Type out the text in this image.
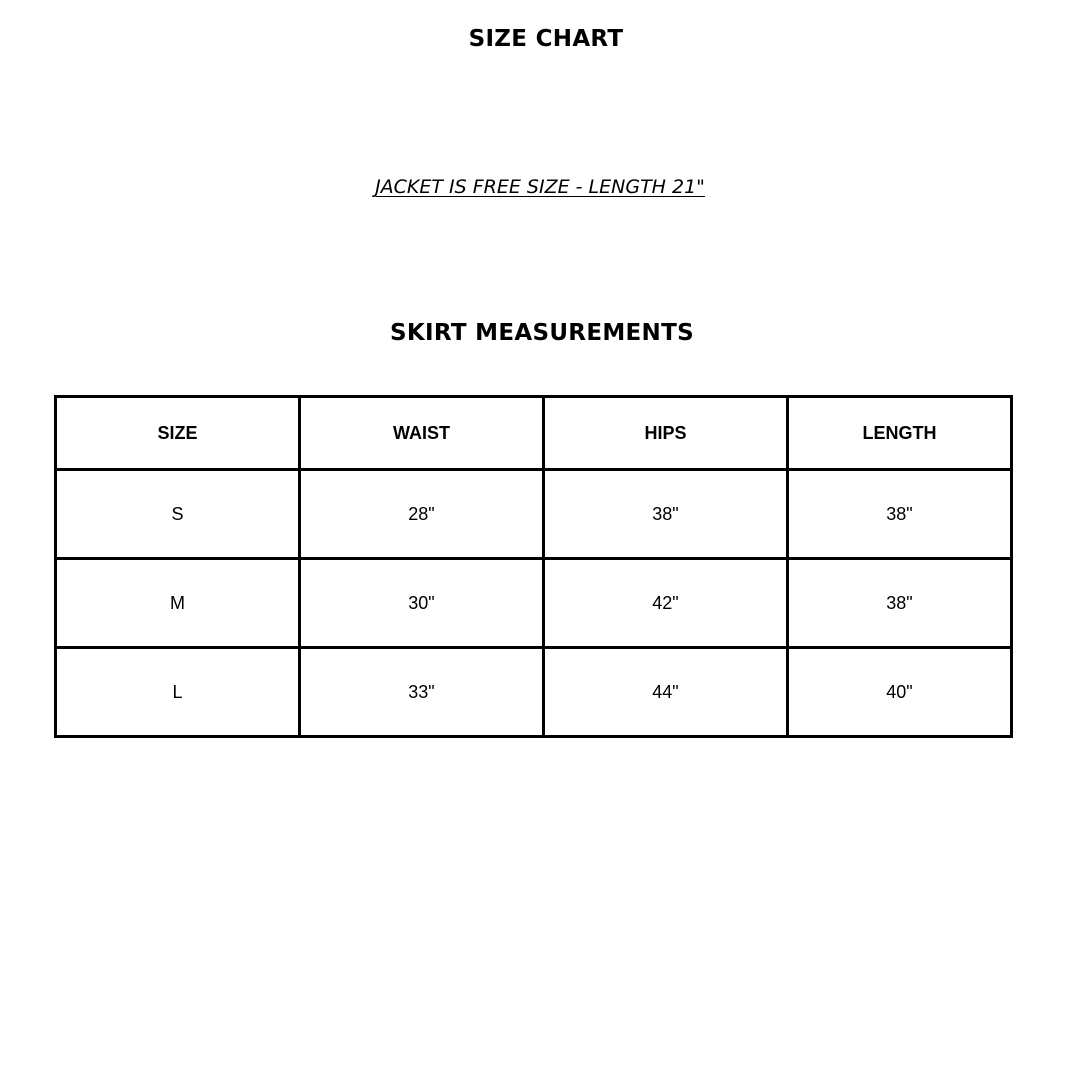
SIZE CHART

JACKET IS FREE SIZE - LENGTH 21"

SKIRT MEASUREMENTS
SIZE	WAIST	HIPS	LENGTH
S	28"	38"	38"
M	30"	42"	38"
L	33"	44"	40"
